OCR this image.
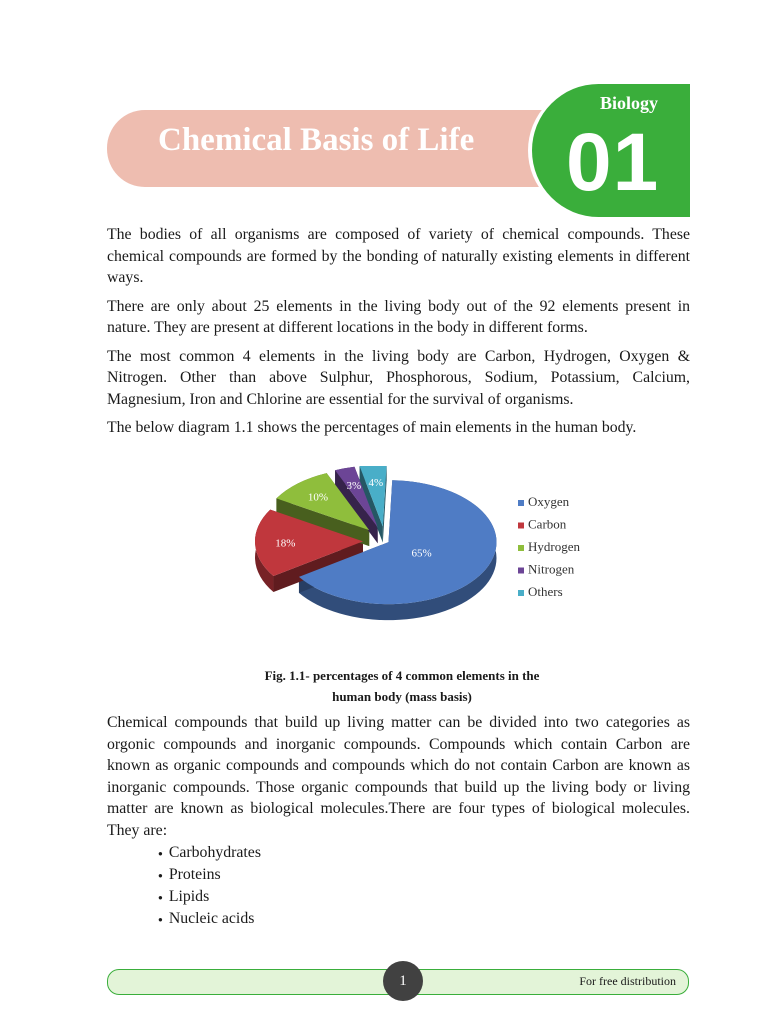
Chemical Basis of Life
Biology
01

The bodies of all organisms are composed of variety of chemical compounds. These chemical compounds are formed by the bonding of naturally existing elements in different ways.

There are only about 25 elements in the living body out of the 92 elements present in nature. They are present at different locations in the body in different forms.

The most common 4 elements in the living body are Carbon, Hydrogen, Oxygen & Nitrogen. Other than above Sulphur, Phosphorous, Sodium, Potassium, Calcium, Magnesium, Iron and Chlorine are essential for the survival of organisms.

The below diagram 1.1 shows the percentages of main elements in the human body.

65%
18%
10%
3% 4%
Oxygen
Carbon
Hydrogen
Nitrogen
Others
Fig. 1.1- percentages of 4 common elements in the
human body (mass basis)

Chemical compounds that build up living matter can be divided into two categories as orgonic compounds and inorganic compounds. Compounds which contain Carbon are known as organic compounds and compounds which do not contain Carbon are known as inorganic compounds. Those organic compounds that build up the living body or living matter are known as biological molecules.There are four types of biological molecules. They are:

● Carbohydrates
● Proteins
● Lipids
● Nucleic acids
1	For free distribution
